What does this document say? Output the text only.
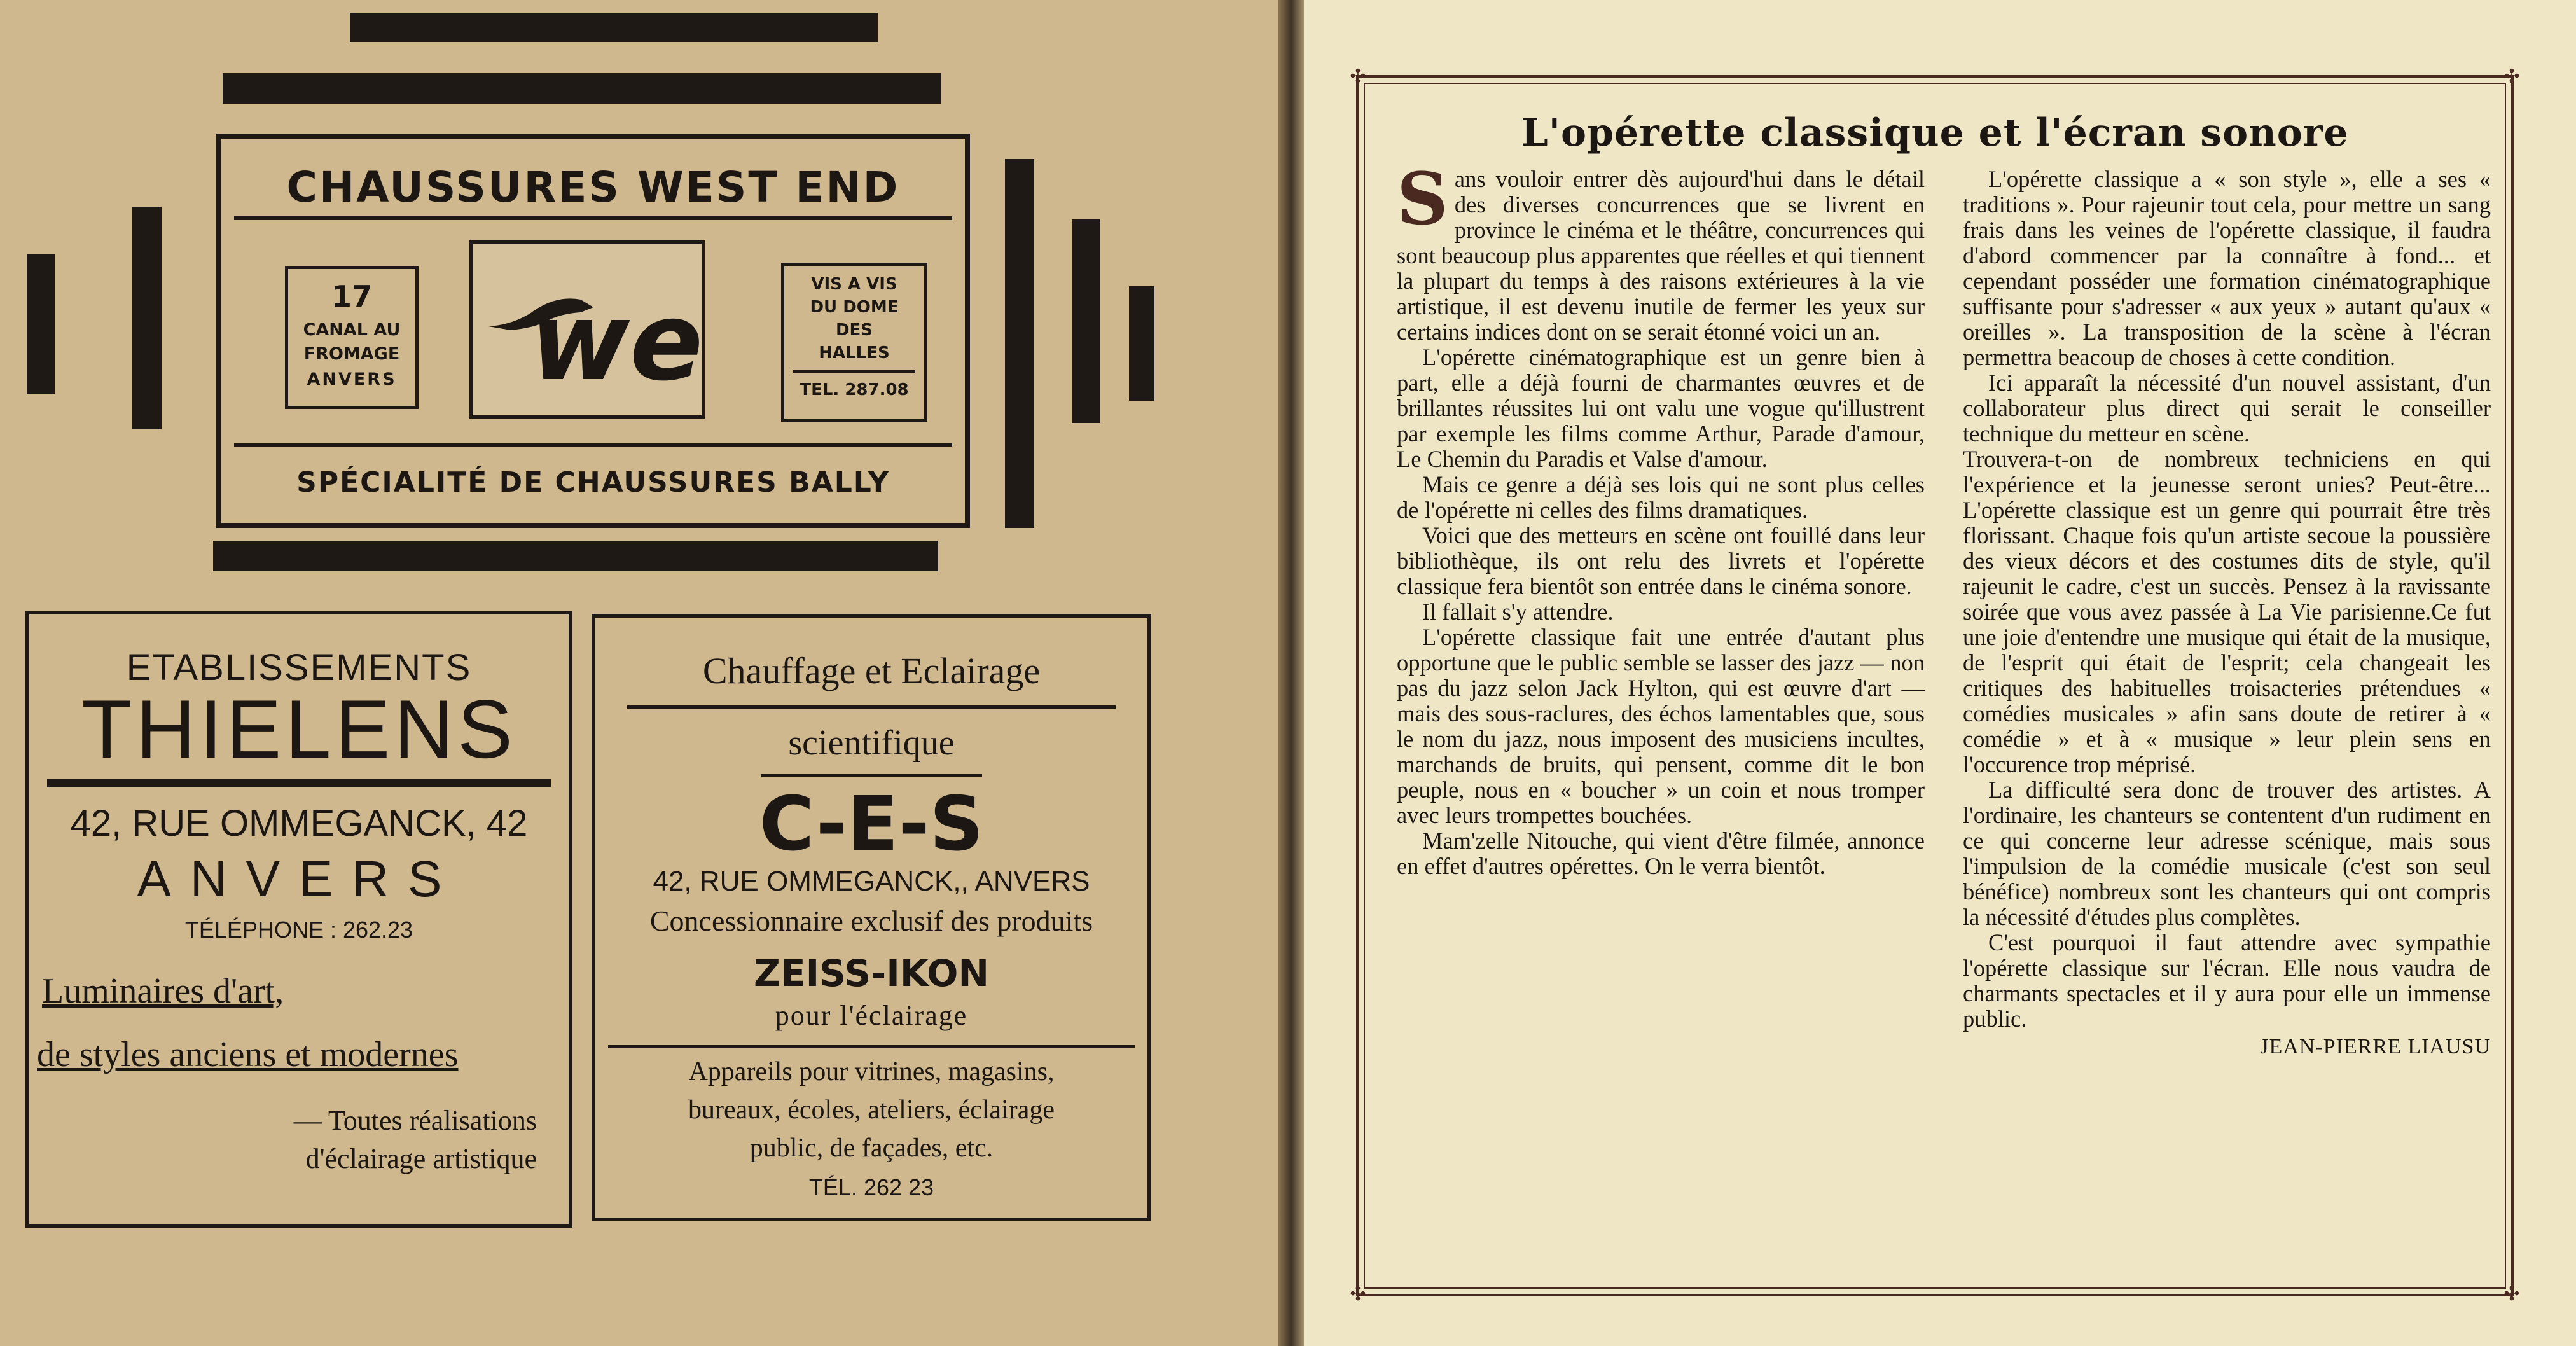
CHAUSSURES WEST END
17
CANAL AU
FROMAGE
ANVERS we	VIS A VIS
DU DOME
DES
HALLES
TEL. 287.08
SPÉCIALITÉ DE CHAUSSURES BALLY
ETABLISSEMENTS
THIELENS
42, RUE OMMEGANCK, 42
ANVERS
TÉLÉPHONE : 262.23
Luminaires d'art,
de styles anciens et modernes
— Toutes réalisations
d'éclairage artistique
Chauffage et Eclairage
scientifique
C-E-S
42, RUE OMMEGANCK,, ANVERS
Concessionnaire exclusif des produits
ZEISS-IKON
pour l'éclairage
Appareils pour vitrines, magasins,
bureaux, écoles, ateliers, éclairage
public, de façades, etc.
TÉL. 262 23
✣	✣
✣	✣
L'opérette classique et l'écran sonore

Sans vouloir entrer dès aujourd'hui dans le détail des diverses concurrences que se livrent en province le cinéma et le théâtre, concurrences qui sont beaucoup plus apparentes que réelles et qui tiennent la plupart du temps à des raisons extérieures à la vie artistique, il est devenu inutile de fermer les yeux sur certains indices dont on se serait étonné voici un an.

L'opérette cinématographique est un genre bien à part, elle a déjà fourni de charmantes œuvres et de brillantes réussites lui ont valu une vogue qu'illustrent par exemple les films comme Arthur, Parade d'amour, Le Chemin du Paradis et Valse d'amour.

Mais ce genre a déjà ses lois qui ne sont plus celles de l'opérette ni celles des films dramatiques.

Voici que des metteurs en scène ont fouillé dans leur bibliothèque, ils ont relu des livrets et l'opérette classique fera bientôt son entrée dans le cinéma sonore.

Il fallait s'y attendre.

L'opérette classique fait une entrée d'autant plus opportune que le public semble se lasser des jazz — non pas du jazz selon Jack Hylton, qui est œuvre d'art — mais des sous-raclures, des échos lamentables que, sous le nom du jazz, nous imposent des musiciens incultes, marchands de bruits, qui pensent, comme dit le bon peuple, nous en « boucher » un coin et nous tromper avec leurs trompettes bouchées.

Mam'zelle Nitouche, qui vient d'être filmée, annonce en effet d'autres opérettes. On le verra bientôt.

L'opérette classique a « son style », elle a ses « traditions ». Pour rajeunir tout cela, pour mettre un sang frais dans les veines de l'opérette classique, il faudra d'abord commencer par la connaître à fond... et cependant posséder une formation cinématographique suffisante pour s'adresser « aux yeux » autant qu'aux « oreilles ». La transposition de la scène à l'écran permettra beacoup de choses à cette condition.

Ici apparaît la nécessité d'un nouvel assistant, d'un collaborateur plus direct qui serait le conseiller technique du metteur en scène.

Trouvera-t-on de nombreux techniciens en qui l'expérience et la jeunesse seront unies? Peut-être... L'opérette classique est un genre qui pourrait être très florissant. Chaque fois qu'un artiste secoue la poussière des vieux décors et des costumes dits de style, qu'il rajeunit le cadre, c'est un succès. Pensez à la ravissante soirée que vous avez passée à La Vie parisienne.Ce fut une joie d'entendre une musique qui était de la musique, de l'esprit qui était de l'esprit; cela changeait les critiques des habituelles troisacteries prétendues « comédies musicales » afin sans doute de retirer à « comédie » et à « musique » leur plein sens en l'occurence trop méprisé.

La difficulté sera donc de trouver des artistes. A l'ordinaire, les chanteurs se contentent d'un rudiment en ce qui concerne leur adresse scénique, mais sous l'impulsion de la comédie musicale (c'est son seul bénéfice) nombreux sont les chanteurs qui ont compris la nécessité d'études plus complètes.

C'est pourquoi il faut attendre avec sympathie l'opérette classique sur l'écran. Elle nous vaudra de charmants spectacles et il y aura pour elle un immense public.

JEAN-PIERRE LIAUSU
